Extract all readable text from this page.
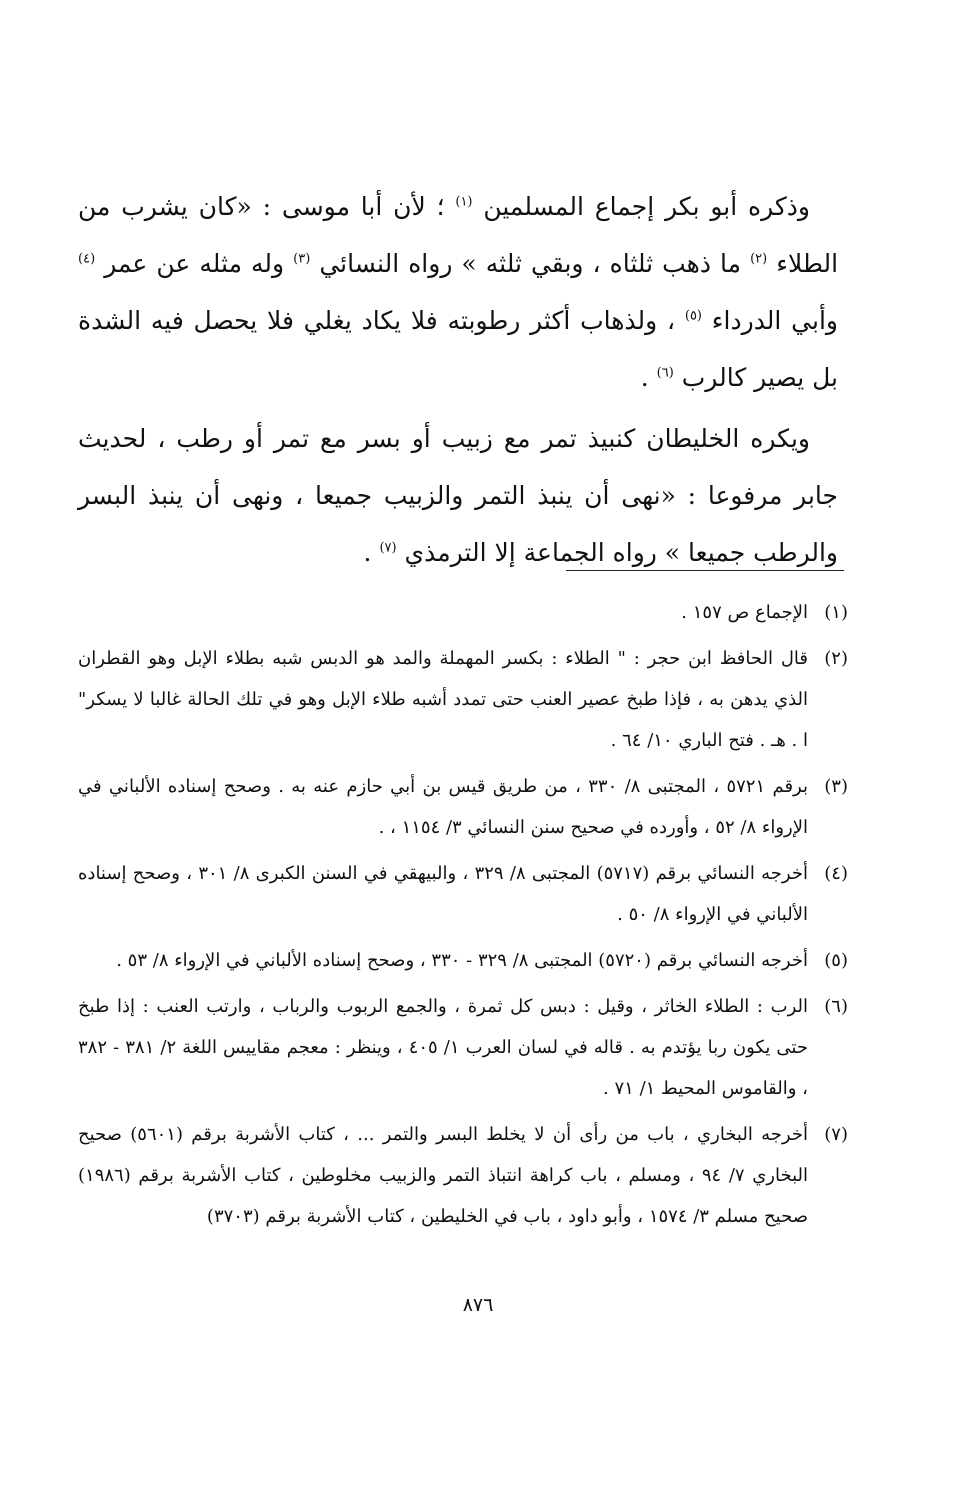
وذكره أبو بكر إجماع المسلمين $^{(١)}$ ؛ لأن أبا موسى : «كان يشرب من الطلاء $^{(٢)}$ ما ذهب ثلثاه ، وبقي ثلثه » رواه النسائي $^{(٣)}$ وله مثله عن عمر $^{(٤)}$ وأبي الدرداء $^{(٥)}$ ، ولذهاب أكثر رطوبته فلا يكاد يغلي فلا يحصل فيه الشدة بل يصير كالرب $^{(٦)}$ .

ويكره الخليطان كنبيذ تمر مع زبيب أو بسر مع تمر أو رطب ، لحديث جابر مرفوعا : «نهى أن ينبذ التمر والزبيب جميعا ، ونهى أن ينبذ البسر والرطب جميعا » رواه الجماعة إلا الترمذي $^{(٧)}$ .

(١)
الإجماع ص ١٥٧ .

(٢)
قال الحافظ ابن حجر : " الطلاء : بكسر المهملة والمد هو الدبس شبه بطلاء الإبل وهو القطران الذي يدهن به ، فإذا طبخ عصير العنب حتى تمدد أشبه طلاء الإبل وهو في تلك الحالة غالبا لا يسكر" ا . هـ . فتح الباري ١٠/ ٦٤ .

(٣)
برقم ٥٧٢١ ، المجتبى ٨/ ٣٣٠ ، من طريق قيس بن أبي حازم عنه به . وصحح إسناده الألباني في الإرواء ٨/ ٥٢ ، وأورده في صحيح سنن النسائي ٣/ ١١٥٤ ، .

(٤)
أخرجه النسائي برقم (٥٧١٧) المجتبى ٨/ ٣٢٩ ، والبيهقي في السنن الكبرى ٨/ ٣٠١ ، وصحح إسناده الألباني في الإرواء ٨/ ٥٠ .

(٥)
أخرجه النسائي برقم (٥٧٢٠) المجتبى ٨/ ٣٢٩ - ٣٣٠ ، وصحح إسناده الألباني في الإرواء ٨/ ٥٣ .

(٦)
الرب : الطلاء الخاثر ، وقيل : دبس كل ثمرة ، والجمع الربوب والرباب ، وارتب العنب : إذا طبخ حتى يكون ربا يؤتدم به . قاله في لسان العرب ١/ ٤٠٥ ، وينظر : معجم مقاييس اللغة ٢/ ٣٨١ - ٣٨٢ ، والقاموس المحيط ١/ ٧١ .

(٧)
أخرجه البخاري ، باب من رأى أن لا يخلط البسر والتمر ... ، كتاب الأشربة برقم (٥٦٠١) صحيح البخاري ٧/ ٩٤ ، ومسلم ، باب كراهة انتباذ التمر والزبيب مخلوطين ، كتاب الأشربة برقم (١٩٨٦) صحيح مسلم ٣/ ١٥٧٤ ، وأبو داود ، باب في الخليطين ، كتاب الأشربة برقم (٣٧٠٣)

٨٧٦
